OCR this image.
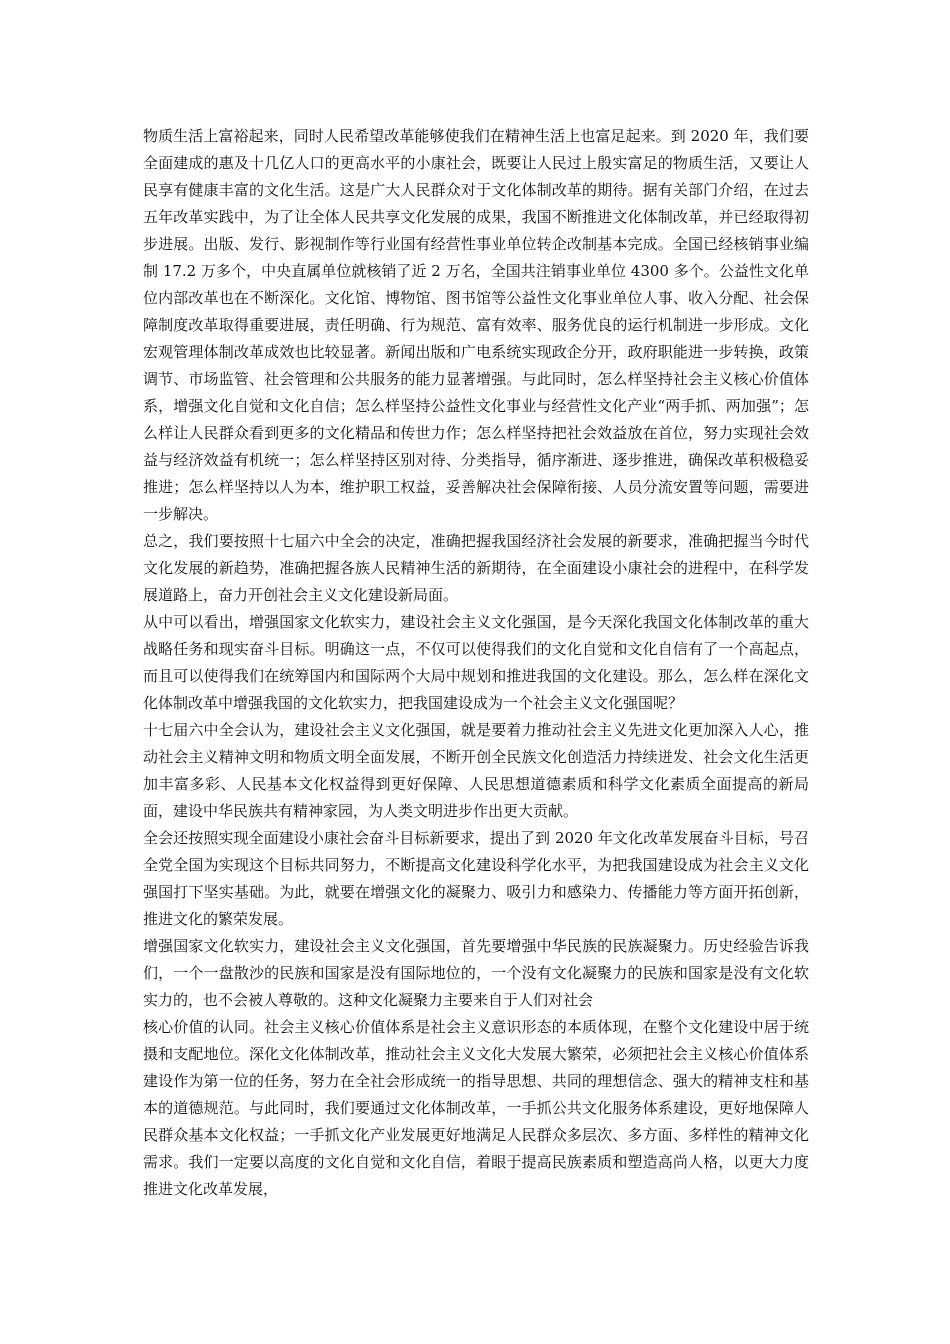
物质生活上富裕起来，同时人民希望改革能够使我们在精神生活上也富足起来。到 2020 年，我们要全面建成的惠及十几亿人口的更高水平的小康社会，既要让人民过上殷实富足的物质生活，又要让人民享有健康丰富的文化生活。这是广大人民群众对于文化体制改革的期待。据有关部门介绍，在过去五年改革实践中，为了让全体人民共享文化发展的成果，我国不断推进文化体制改革，并已经取得初步进展。出版、发行、影视制作等行业国有经营性事业单位转企改制基本完成。全国已经核销事业编制 17.2 万多个，中央直属单位就核销了近 2 万名，全国共注销事业单位 4300 多个。公益性文化单位内部改革也在不断深化。文化馆、博物馆、图书馆等公益性文化事业单位人事、收入分配、社会保障制度改革取得重要进展，责任明确、行为规范、富有效率、服务优良的运行机制进一步形成。文化宏观管理体制改革成效也比较显著。新闻出版和广电系统实现政企分开，政府职能进一步转换，政策调节、市场监管、社会管理和公共服务的能力显著增强。与此同时，怎么样坚持社会主义核心价值体系，增强文化自觉和文化自信；怎么样坚持公益性文化事业与经营性文化产业“两手抓、两加强”；怎么样让人民群众看到更多的文化精品和传世力作；怎么样坚持把社会效益放在首位，努力实现社会效益与经济效益有机统一；怎么样坚持区别对待、分类指导，循序渐进、逐步推进，确保改革积极稳妥推进；怎么样坚持以人为本，维护职工权益，妥善解决社会保障衔接、人员分流安置等问题，需要进一步解决。

总之，我们要按照十七届六中全会的决定，准确把握我国经济社会发展的新要求，准确把握当今时代文化发展的新趋势，准确把握各族人民精神生活的新期待，在全面建设小康社会的进程中，在科学发展道路上，奋力开创社会主义文化建设新局面。

从中可以看出，增强国家文化软实力，建设社会主义文化强国，是今天深化我国文化体制改革的重大战略任务和现实奋斗目标。明确这一点，不仅可以使得我们的文化自觉和文化自信有了一个高起点，而且可以使得我们在统筹国内和国际两个大局中规划和推进我国的文化建设。那么，怎么样在深化文化体制改革中增强我国的文化软实力，把我国建设成为一个社会主义文化强国呢？

十七届六中全会认为，建设社会主义文化强国，就是要着力推动社会主义先进文化更加深入人心，推动社会主义精神文明和物质文明全面发展，不断开创全民族文化创造活力持续迸发、社会文化生活更加丰富多彩、人民基本文化权益得到更好保障、人民思想道德素质和科学文化素质全面提高的新局面，建设中华民族共有精神家园，为人类文明进步作出更大贡献。

全会还按照实现全面建设小康社会奋斗目标新要求，提出了到 2020 年文化改革发展奋斗目标，号召全党全国为实现这个目标共同努力，不断提高文化建设科学化水平，为把我国建设成为社会主义文化强国打下坚实基础。为此，就要在增强文化的凝聚力、吸引力和感染力、传播能力等方面开拓创新，推进文化的繁荣发展。

增强国家文化软实力，建设社会主义文化强国，首先要增强中华民族的民族凝聚力。历史经验告诉我们，一个一盘散沙的民族和国家是没有国际地位的，一个没有文化凝聚力的民族和国家是没有文化软实力的，也不会被人尊敬的。这种文化凝聚力主要来自于人们对社会

核心价值的认同。社会主义核心价值体系是社会主义意识形态的本质体现，在整个文化建设中居于统摄和支配地位。深化文化体制改革，推动社会主义文化大发展大繁荣，必须把社会主义核心价值体系建设作为第一位的任务，努力在全社会形成统一的指导思想、共同的理想信念、强大的精神支柱和基本的道德规范。与此同时，我们要通过文化体制改革，一手抓公共文化服务体系建设，更好地保障人民群众基本文化权益；一手抓文化产业发展更好地满足人民群众多层次、多方面、多样性的精神文化需求。我们一定要以高度的文化自觉和文化自信，着眼于提高民族素质和塑造高尚人格，以更大力度推进文化改革发展，
